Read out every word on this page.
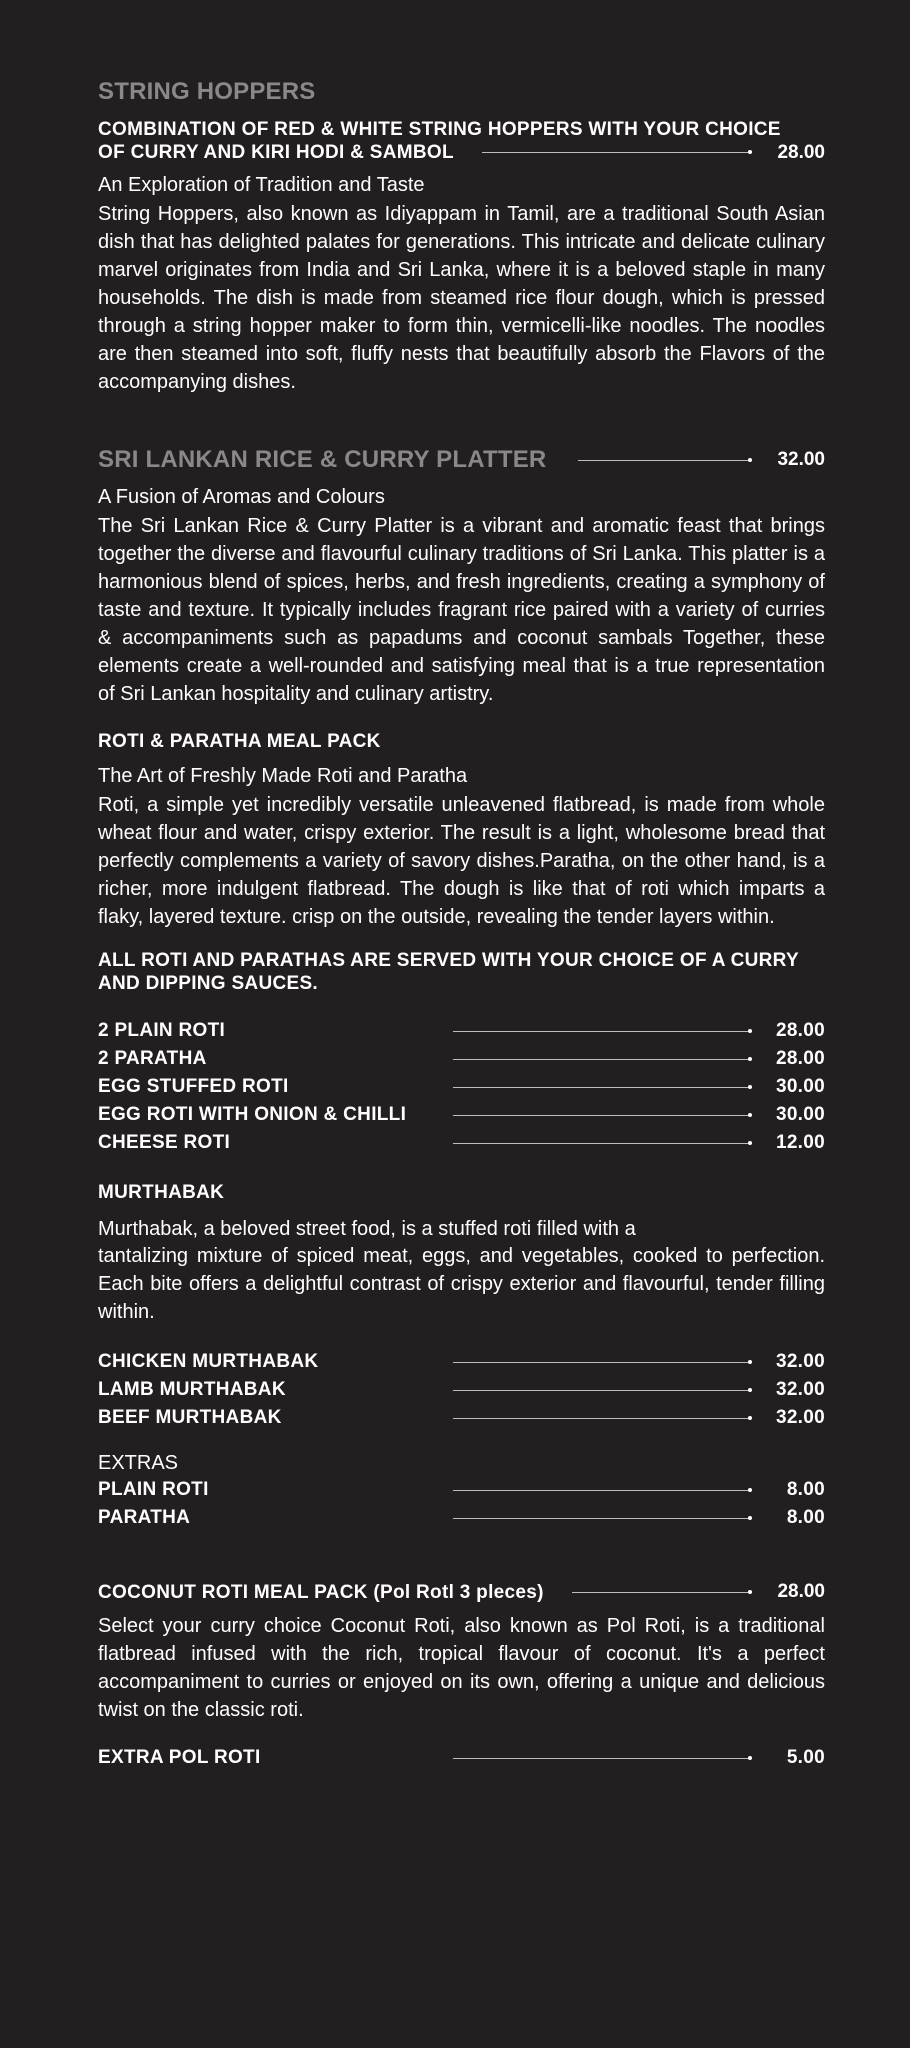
STRING HOPPERS
COMBINATION OF RED & WHITE STRING HOPPERS WITH YOUR CHOICE
OF CURRY AND KIRI HODI & SAMBOL	28.00
An Exploration of Tradition and Taste
String Hoppers, also known as Idiyappam in Tamil, are a traditional South Asian dish that has delighted palates for generations. This intricate and delicate culinary marvel originates from India and Sri Lanka, where it is a beloved staple in many households. The dish is made from steamed rice flour dough, which is pressed through a string hopper maker to form thin, vermicelli-like noodles. The noodles are then steamed into soft, fluffy nests that beautifully absorb the Flavors of the accompanying dishes.
SRI LANKAN RICE & CURRY PLATTER	32.00
A Fusion of Aromas and Colours
The Sri Lankan Rice & Curry Platter is a vibrant and aromatic feast that brings together the diverse and flavourful culinary traditions of Sri Lanka. This platter is a harmonious blend of spices, herbs, and fresh ingredients, creating a symphony of taste and texture. It typically includes fragrant rice paired with a variety of curries & accompaniments such as papadums and coconut sambals Together, these elements create a well-rounded and satisfying meal that is a true representation of Sri Lankan hospitality and culinary artistry.
ROTI & PARATHA MEAL PACK
The Art of Freshly Made Roti and Paratha
Roti, a simple yet incredibly versatile unleavened flatbread, is made from whole wheat flour and water, crispy exterior. The result is a light, wholesome bread that perfectly complements a variety of savory dishes.Paratha, on the other hand, is a richer, more indulgent flatbread. The dough is like that of roti which imparts a flaky, layered texture. crisp on the outside, revealing the tender layers within.
ALL ROTI AND PARATHAS ARE SERVED WITH YOUR CHOICE OF A CURRY
AND DIPPING SAUCES.
2 PLAIN ROTI	28.00
2 PARATHA	28.00
EGG STUFFED ROTI	30.00
EGG ROTI WITH ONION & CHILLI	30.00
CHEESE ROTI	12.00
MURTHABAK
Murthabak, a beloved street food, is a stuffed roti filled with a
tantalizing mixture of spiced meat, eggs, and vegetables, cooked to perfection. Each bite offers a delightful contrast of crispy exterior and flavourful, tender filling within.
CHICKEN MURTHABAK	32.00
LAMB MURTHABAK	32.00
BEEF MURTHABAK	32.00
EXTRAS
PLAIN ROTI	8.00
PARATHA	8.00
COCONUT ROTI MEAL PACK (Pol Rotl 3 pleces)	28.00
Select your curry choice Coconut Roti, also known as Pol Roti, is a traditional flatbread infused with the rich, tropical flavour of coconut. It's a perfect accompaniment to curries or enjoyed on its own, offering a unique and delicious twist on the classic roti.
EXTRA POL ROTI	5.00
